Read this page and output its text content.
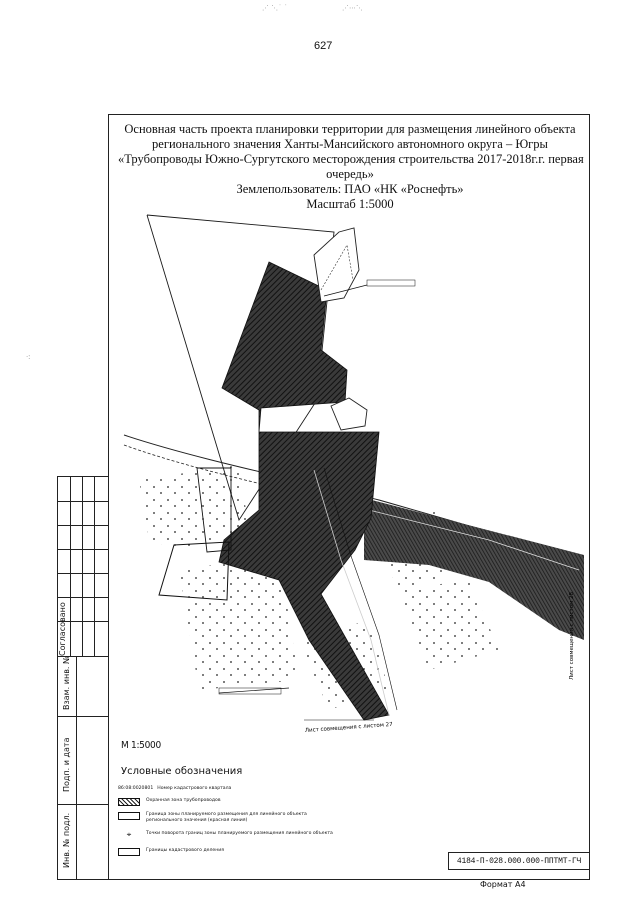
⋰ ⋱˙ ˙	⋰⋯⋱
·ː
627
Основная часть проекта планировки территории для размещения линейного объекта
регионального значения Ханты-Мансийского автономного округа – Югры
«Трубопроводы Южно-Сургутского месторождения строительства 2017-2018г.г. первая
очередь»
Землепользователь: ПАО «НК «Роснефть»
Масштаб 1:5000
Лист совмещения с листом 27
Лист совмещения с листом 28
М 1:5000
Условные обозначения
86:08:0020801 Номер кадастрового квартала
Охранная зона трубопроводов
Граница зоны планируемого размещения для линейного объекта регионального значения (красная линия)
⌖	Точки поворота границ зоны планируемого размещения линейного объекта
Границы кадастрового деления
4184-П-028.000.000-ППТМТ-ГЧ
Формат А4
Согласовано
Взам. инв. №
Подп. и дата
Инв. № подл.
